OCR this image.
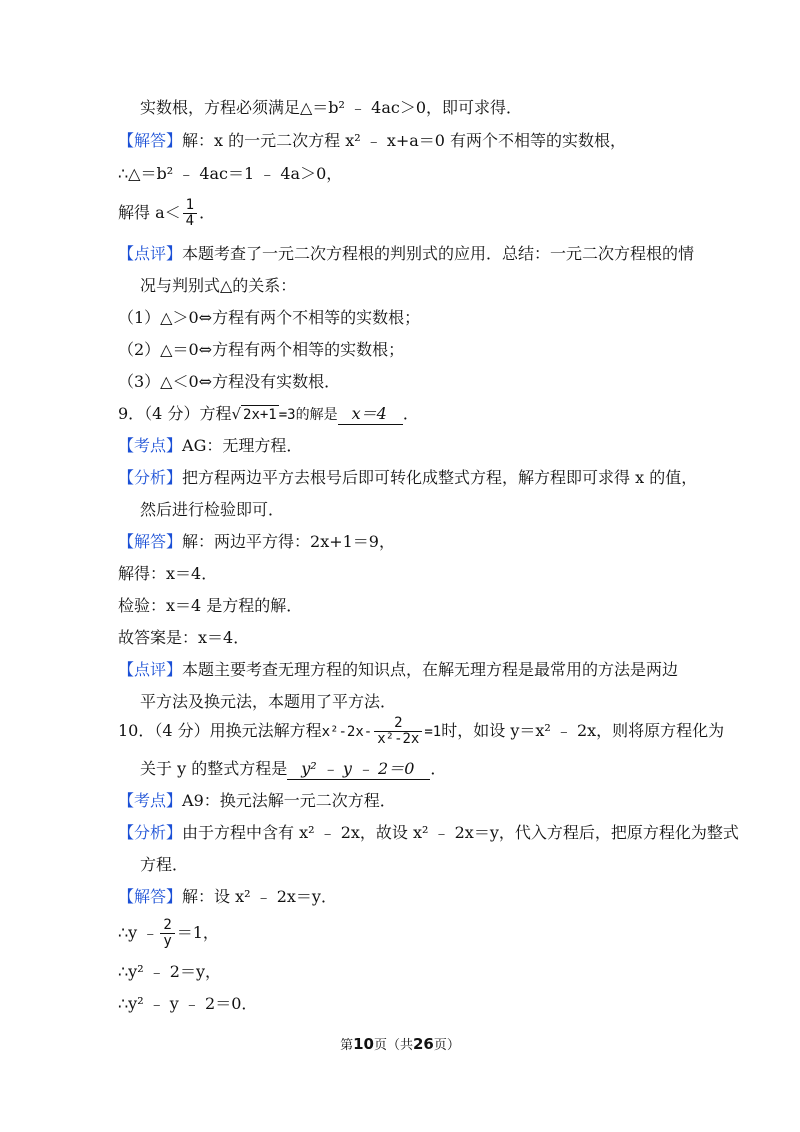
实数根，方程必须满足△＝b² ﹣ 4ac＞0，即可求得．
【解答】解：x 的一元二次方程 x² ﹣ x+a＝0 有两个不相等的实数根，
∴△＝b² ﹣ 4ac＝1 ﹣ 4a＞0，
解得 $a< \frac{1}{4}$ ．
【点评】本题考查了一元二次方程根的判别式的应用．总结：一元二次方程根的情
况与判别式△的关系：
（1）△＞0⇔方程有两个不相等的实数根；
（2）△＝0⇔方程有两个相等的实数根；
（3）△＜0⇔方程没有实数根．
9．（4 分）方程√ 2x+1 =3的解是 x＝4 ．
【考点】AG：无理方程．
【分析】把方程两边平方去根号后即可转化成整式方程，解方程即可求得 x 的值，
然后进行检验即可．
【解答】解：两边平方得：2x+1＝9，
解得：x＝4．
检验：x＝4 是方程的解．
故答案是：x＝4．
【点评】本题主要考查无理方程的知识点，在解无理方程是最常用的方法是两边
平方法及换元法，本题用了平方法．
10．（4 分）用换元法解方程$x^2-2x- \frac{2}{\text{x²-2x}} =1$时，如设 y＝x² ﹣ 2x，则将原方程化为
关于 y 的整式方程是 y² ﹣ y ﹣ 2＝0 ．
【考点】A9：换元法解一元二次方程．
【分析】由于方程中含有 x² ﹣ 2x，故设 x² ﹣ 2x＝y，代入方程后，把原方程化为整式
方程．
【解答】解：设 x² ﹣ 2x＝y．
∴y ﹣ $\frac{2}{y} =1$，
∴y² ﹣ 2＝y，
∴y² ﹣ y ﹣ 2＝0．
第10页（共26页）
